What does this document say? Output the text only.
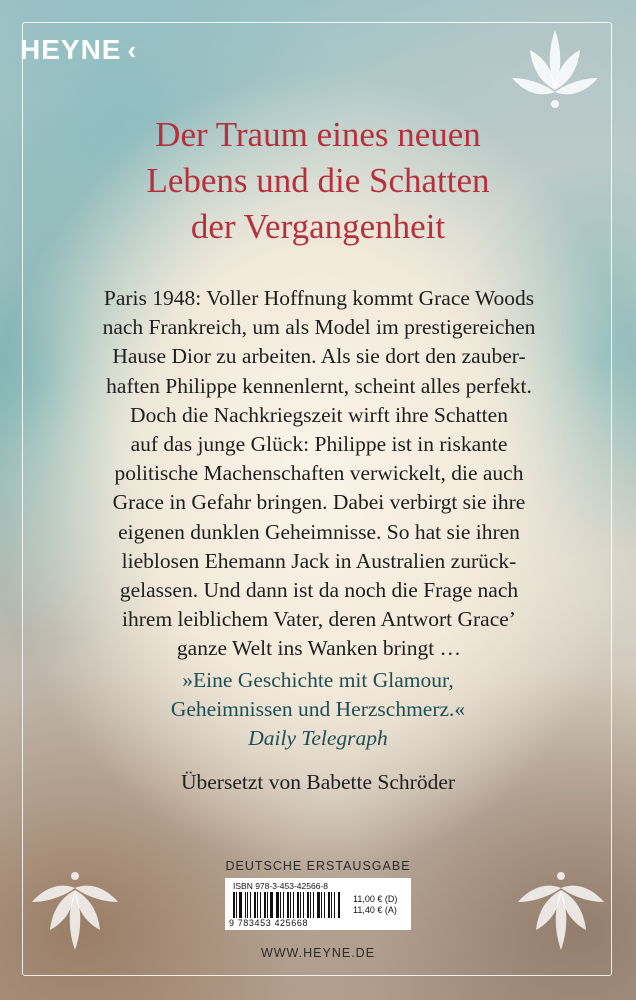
HEYNE ‹
Der Traum eines neuen
Lebens und die Schatten
der Vergangenheit
Paris 1948: Voller Hoffnung kommt Grace Woods
nach Frankreich, um als Model im prestigereichen
Hause Dior zu arbeiten. Als sie dort den zauber-
haften Philippe kennenlernt, scheint alles perfekt.
Doch die Nachkriegszeit wirft ihre Schatten
auf das junge Glück: Philippe ist in riskante
politische Machenschaften verwickelt, die auch
Grace in Gefahr bringen. Dabei verbirgt sie ihre
eigenen dunklen Geheimnisse. So hat sie ihren
lieblosen Ehemann Jack in Australien zurück-
gelassen. Und dann ist da noch die Frage nach
ihrem leiblichem Vater, deren Antwort Grace’
ganze Welt ins Wanken bringt …
»Eine Geschichte mit Glamour,
Geheimnissen und Herzschmerz.«
Daily Telegraph
Übersetzt von Babette Schröder
DEUTSCHE ERSTAUSGABE
ISBN 978-3-453-42566-8
9 783453 425668
11,00 € (D)
11,40 € (A)
WWW.HEYNE.DE
